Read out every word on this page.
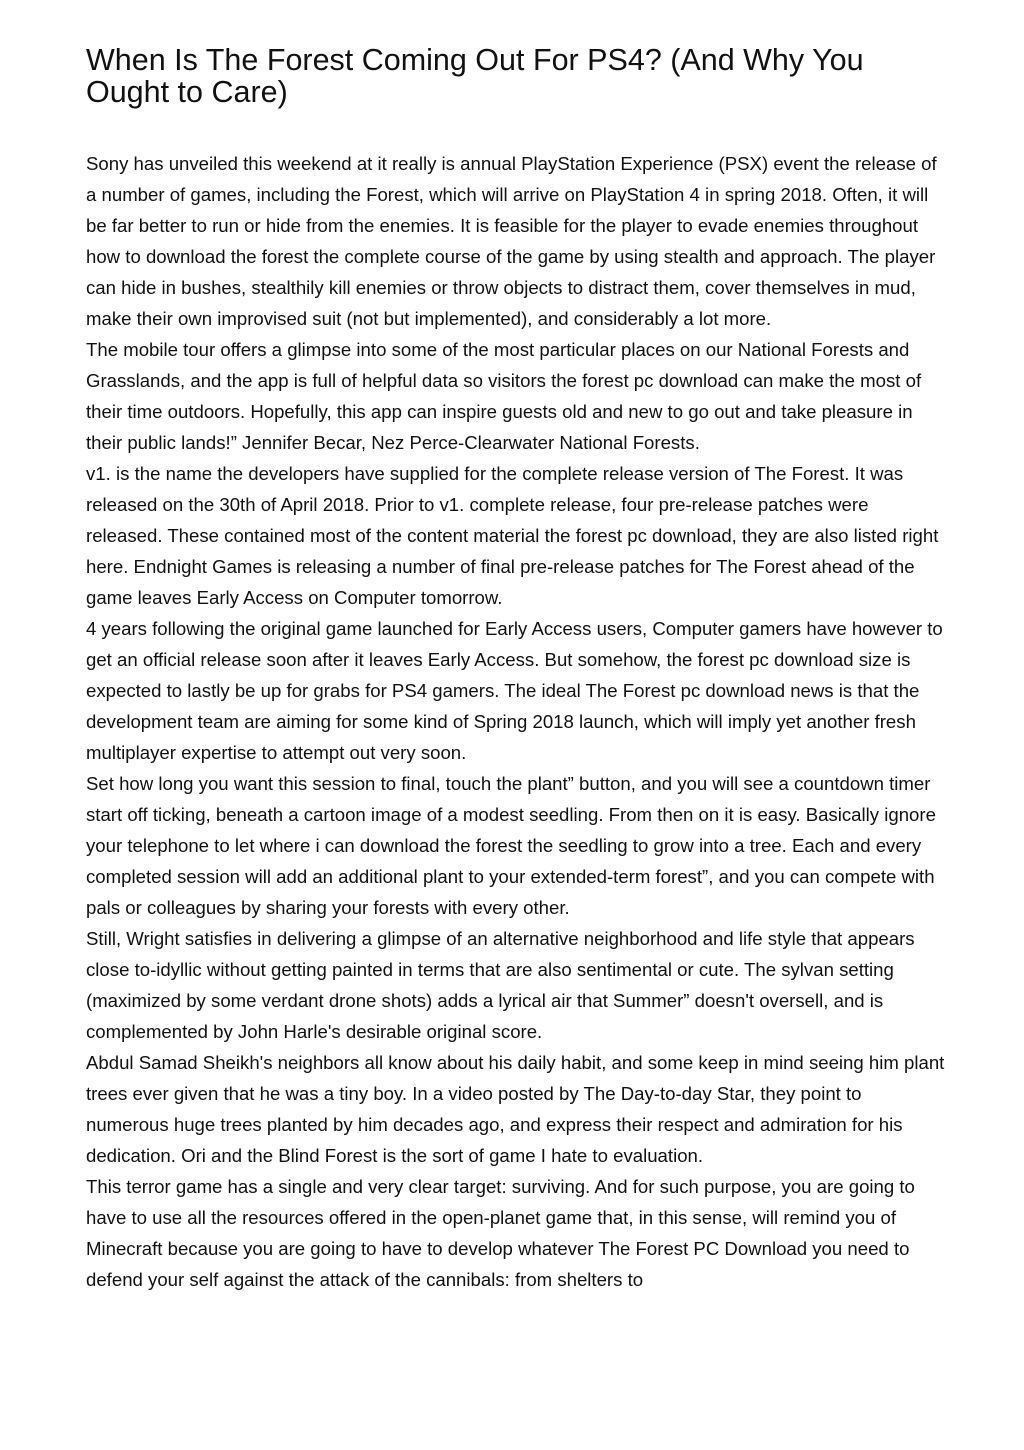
When Is The Forest Coming Out For PS4? (And Why You Ought to Care)

Sony has unveiled this weekend at it really is annual PlayStation Experience (PSX) event the release of a number of games, including the Forest, which will arrive on PlayStation 4 in spring 2018. Often, it will be far better to run or hide from the enemies. It is feasible for the player to evade enemies throughout how to download the forest the complete course of the game by using stealth and approach. The player can hide in bushes, stealthily kill enemies or throw objects to distract them, cover themselves in mud, make their own improvised suit (not but implemented), and considerably a lot more.

The mobile tour offers a glimpse into some of the most particular places on our National Forests and Grasslands, and the app is full of helpful data so visitors the forest pc download can make the most of their time outdoors. Hopefully, this app can inspire guests old and new to go out and take pleasure in their public lands!” Jennifer Becar, Nez Perce-Clearwater National Forests.

v1. is the name the developers have supplied for the complete release version of The Forest. It was released on the 30th of April 2018. Prior to v1. complete release, four pre-release patches were released. These contained most of the content material the forest pc download, they are also listed right here. Endnight Games is releasing a number of final pre-release patches for The Forest ahead of the game leaves Early Access on Computer tomorrow.

4 years following the original game launched for Early Access users, Computer gamers have however to get an official release soon after it leaves Early Access. But somehow, the forest pc download size is expected to lastly be up for grabs for PS4 gamers. The ideal The Forest pc download news is that the development team are aiming for some kind of Spring 2018 launch, which will imply yet another fresh multiplayer expertise to attempt out very soon.

Set how long you want this session to final, touch the plant” button, and you will see a countdown timer start off ticking, beneath a cartoon image of a modest seedling. From then on it is easy. Basically ignore your telephone to let where i can download the forest the seedling to grow into a tree. Each and every completed session will add an additional plant to your extended-term forest”, and you can compete with pals or colleagues by sharing your forests with every other.

Still, Wright satisfies in delivering a glimpse of an alternative neighborhood and life style that appears close to-idyllic without getting painted in terms that are also sentimental or cute. The sylvan setting (maximized by some verdant drone shots) adds a lyrical air that Summer” doesn't oversell, and is complemented by John Harle's desirable original score.

Abdul Samad Sheikh's neighbors all know about his daily habit, and some keep in mind seeing him plant trees ever given that he was a tiny boy. In a video posted by The Day-to-day Star, they point to numerous huge trees planted by him decades ago, and express their respect and admiration for his dedication. Ori and the Blind Forest is the sort of game I hate to evaluation.

This terror game has a single and very clear target: surviving. And for such purpose, you are going to have to use all the resources offered in the open-planet game that, in this sense, will remind you of Minecraft because you are going to have to develop whatever The Forest PC Download you need to defend your self against the attack of the cannibals: from shelters to
